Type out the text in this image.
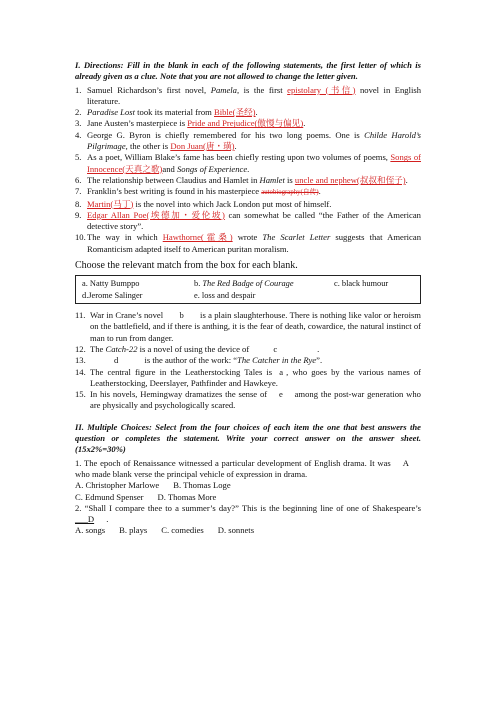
I. Directions: Fill in the blank in each of the following statements, the first letter of which is already given as a clue. Note that you are not allowed to change the letter given.

1. Samuel Richardson’s first novel, Pamela, is the first epistolary (书信) novel in English literature.
2. Paradise Lost took its material from Bible(圣经).
3. Jane Austen’s masterpiece is Pride and Prejudice(傲慢与偏见).
4. George G. Byron is chiefly remembered for his two long poems. One is Childe Harold’s Pilgrimage, the other is Don Juan(唐・璜).
5. As a poet, William Blake’s fame has been chiefly resting upon two volumes of poems, Songs of Innocence(天真之歌)and Songs of Experience.
6. The relationship between Claudius and Hamlet in Hamlet is uncle and nephew(叔叔和侄子).
7. Franklin’s best writing is found in his masterpiece autobiography(自传).
8. Martin(马丁) is the novel into which Jack London put most of himself.
9. Edgar Allan Poe(埃德加・爱伦坡) can somewhat be called “the Father of the American detective story”.
10. The way in which Hawthorne(霍桑) wrote The Scarlet Letter suggests that American Romanticism adapted itself to American puritan moralism.

Choose the relevant match from the box for each blank.

a. Natty Bumppo	b. The Red Badge of Courage	c. black humour
d.Jerome Salinger	e. loss and despair
11. War in Crane’s novel b is a plain slaughterhouse. There is nothing like valor or heroism on the battlefield, and if there is anthing, it is the fear of death, cowardice, the natural instinct of man to run from danger.
12. The Catch-22 is a novel of using the device of	c	.
13.	d	is the author of the work: “The Catcher in the Rye”.
14. The central figure in the Leatherstocking Tales is a , who goes by the various names of Leatherstocking, Deerslayer, Pathfinder and Hawkeye.
15. In his novels, Hemingway dramatizes the sense of e among the post-war generation who are physically and psychologically scared.

II. Multiple Choices: Select from the four choices of each item the one that best answers the question or completes the statement. Write your correct answer on the answer sheet. (15x2%=30%)

1. The epoch of Renaissance witnessed a particular development of English drama. It was A who made blank verse the principal vehicle of expression in drama.
A. Christopher Marlowe B. Thomas Loge
C. Edmund Spenser D. Thomas More
2. “Shall I compare thee to a summer’s day?” This is the beginning line of one of Shakespeare’s ___D .
A. songs B. plays C. comedies D. sonnets
